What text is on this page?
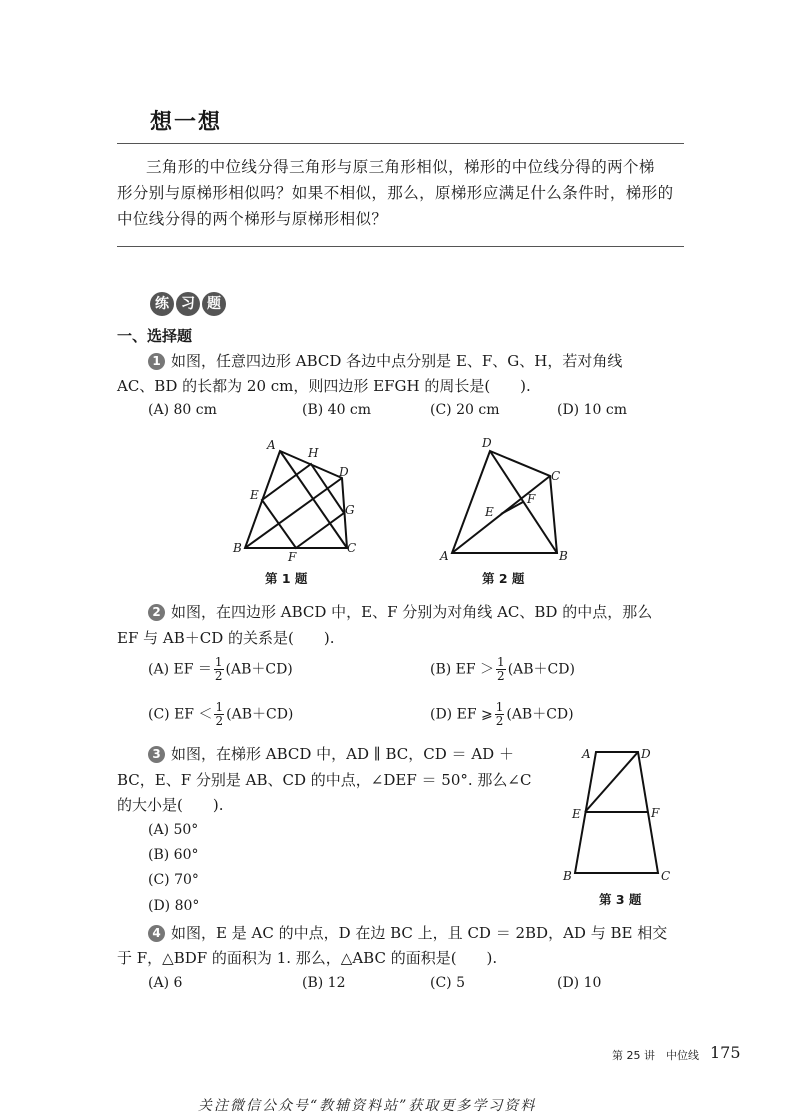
想一想
三角形的中位线分得三角形与原三角形相似，梯形的中位线分得的两个梯
形分别与原梯形相似吗？如果不相似，那么，原梯形应满足什么条件时，梯形的
中位线分得的两个梯形与原梯形相似？
练 习 题
一、选择题
1 如图，任意四边形 ABCD 各边中点分别是 E、F、G、H，若对角线
AC、BD 的长都为 20 cm，则四边形 EFGH 的周长是(　　).
(A) 80 cm	(B) 40 cm	(C) 20 cm	(D) 10 cm
A
H
D
E
G
B
F
C
D
C
F
E
A	B
第 1 题	第 2 题
2 如图，在四边形 ABCD 中，E、F 分别为对角线 AC、BD 的中点，那么
EF 与 AB＋CD 的关系是(　　).
(A) EF ＝ $\frac{1}{2} (AB+CD)$	(B) EF ＞ $\frac{1}{2} (AB+CD)$
(C) EF ＜ $\frac{1}{2} (AB+CD)$	(D) EF ⩾ $\frac{1}{2} (AB+CD)$
3 如图，在梯形 ABCD 中，AD ∥ BC，CD ＝ AD ＋
BC，E、F 分别是 AB、CD 的中点，∠DEF ＝ 50°. 那么∠C
的大小是(　　).
(A) 50°
(B) 60°
(C) 70°
(D) 80°
A	D
E	F
B	C
第 3 题
4 如图，E 是 AC 的中点，D 在边 BC 上，且 CD ＝ 2BD，AD 与 BE 相交
于 F，△BDF 的面积为 1. 那么，△ABC 的面积是(　　).
(A) 6	(B) 12	(C) 5	(D) 10
第 25 讲　中位线 175
关注微信公众号“教辅资料站”获取更多学习资料
